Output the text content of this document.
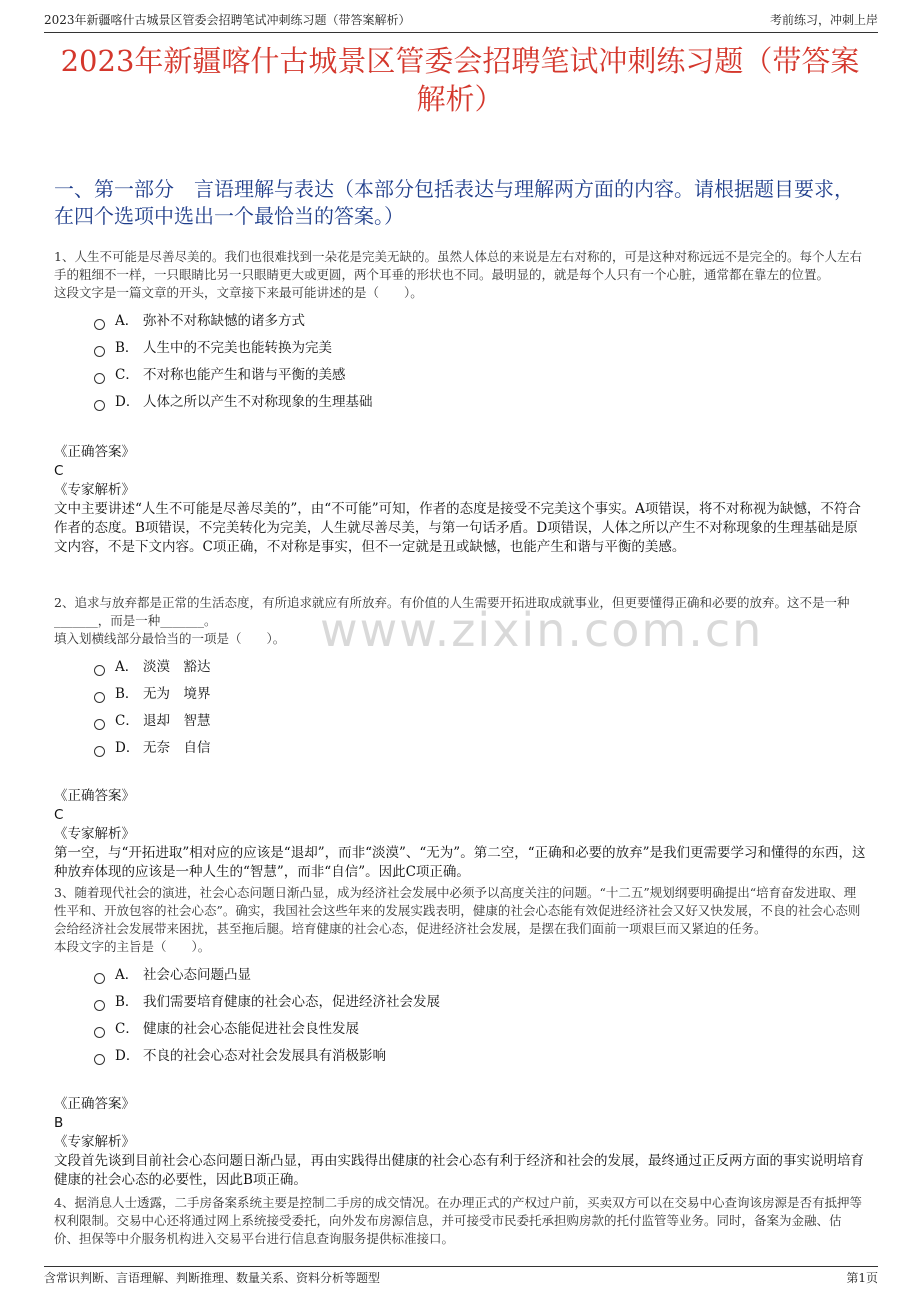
2023年新疆喀什古城景区管委会招聘笔试冲刺练习题（带答案解析）	考前练习，冲刺上岸
2023年新疆喀什古城景区管委会招聘笔试冲刺练习题（带答案解析）
一、第一部分　言语理解与表达（本部分包括表达与理解两方面的内容。请根据题目要求，在四个选项中选出一个最恰当的答案。）
www.zixin.com.cn
1、人生不可能是尽善尽美的。我们也很难找到一朵花是完美无缺的。虽然人体总的来说是左右对称的，可是这种对称远远不是完全的。每个人左右手的粗细不一样，一只眼睛比另一只眼睛更大或更圆，两个耳垂的形状也不同。最明显的，就是每个人只有一个心脏，通常都在靠左的位置。
这段文字是一篇文章的开头，文章接下来最可能讲述的是（　　）。
A． 弥补不对称缺憾的诸多方式
B． 人生中的不完美也能转换为完美
C． 不对称也能产生和谐与平衡的美感
D． 人体之所以产生不对称现象的生理基础
《正确答案》
C
《专家解析》
文中主要讲述“人生不可能是尽善尽美的”，由“不可能”可知，作者的态度是接受不完美这个事实。A项错误，将不对称视为缺憾，不符合作者的态度。B项错误，不完美转化为完美，人生就尽善尽美，与第一句话矛盾。D项错误，人体之所以产生不对称现象的生理基础是原文内容，不是下文内容。C项正确，不对称是事实，但不一定就是丑或缺憾，也能产生和谐与平衡的美感。
2、追求与放弃都是正常的生活态度，有所追求就应有所放弃。有价值的人生需要开拓进取成就事业，但更要懂得正确和必要的放弃。这不是一种_______，而是一种_______。
填入划横线部分最恰当的一项是（　　）。
A． 淡漠　豁达
B． 无为　境界
C． 退却　智慧
D． 无奈　自信
《正确答案》
C
《专家解析》
第一空，与“开拓进取”相对应的应该是“退却”，而非“淡漠”、“无为”。第二空，“正确和必要的放弃”是我们更需要学习和懂得的东西，这种放弃体现的应该是一种人生的“智慧”，而非“自信”。因此C项正确。
3、随着现代社会的演进，社会心态问题日渐凸显，成为经济社会发展中必须予以高度关注的问题。“十二五”规划纲要明确提出“培育奋发进取、理性平和、开放包容的社会心态”。确实，我国社会这些年来的发展实践表明，健康的社会心态能有效促进经济社会又好又快发展，不良的社会心态则会给经济社会发展带来困扰，甚至拖后腿。培育健康的社会心态，促进经济社会发展，是摆在我们面前一项艰巨而又紧迫的任务。
本段文字的主旨是（　　）。
A． 社会心态问题凸显
B． 我们需要培育健康的社会心态，促进经济社会发展
C． 健康的社会心态能促进社会良性发展
D． 不良的社会心态对社会发展具有消极影响
《正确答案》
B
《专家解析》
文段首先谈到目前社会心态问题日渐凸显，再由实践得出健康的社会心态有利于经济和社会的发展，最终通过正反两方面的事实说明培育健康的社会心态的必要性，因此B项正确。
4、据消息人士透露，二手房备案系统主要是控制二手房的成交情况。在办理正式的产权过户前，买卖双方可以在交易中心查询该房源是否有抵押等权利限制。交易中心还将通过网上系统接受委托，向外发布房源信息，并可接受市民委托承担购房款的托付监管等业务。同时，备案为金融、估价、担保等中介服务机构进入交易平台进行信息查询服务提供标准接口。
含常识判断、言语理解、判断推理、数量关系、资料分析等题型	第1页
